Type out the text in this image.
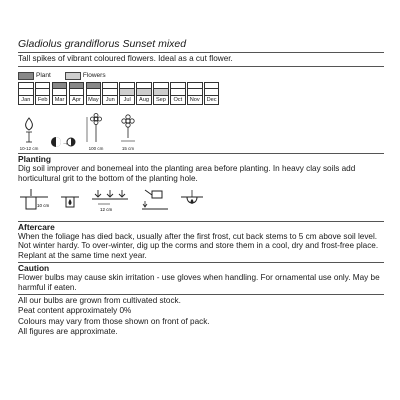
Gladiolus grandiflorus Sunset mixed

Tall spikes of vibrant coloured flowers. Ideal as a cut flower.

Plant	Flowers
Jan	Feb	Mar	Apr	May	Jun	Jul	Aug	Sep	Oct	Nov	Dec
10-12 cm
→
100 cm	15 cm

Planting

Dig soil improver and bonemeal into the planting area before planting. In heavy clay soils add horticultural grit to the bottom of the planting hole.

10 cm
12 cm

Aftercare

When the foliage has died back, usually after the first frost, cut back stems to 5 cm above soil level. Not winter hardy. To over-winter, dig up the corms and store them in a cool, dry and frost-free place. Replant at the same time next year.

Caution

Flower bulbs may cause skin irritation - use gloves when handling. For ornamental use only. May be harmful if eaten.

All our bulbs are grown from cultivated stock.

Peat content approximately 0%

Colours may vary from those shown on front of pack.

All figures are approximate.
